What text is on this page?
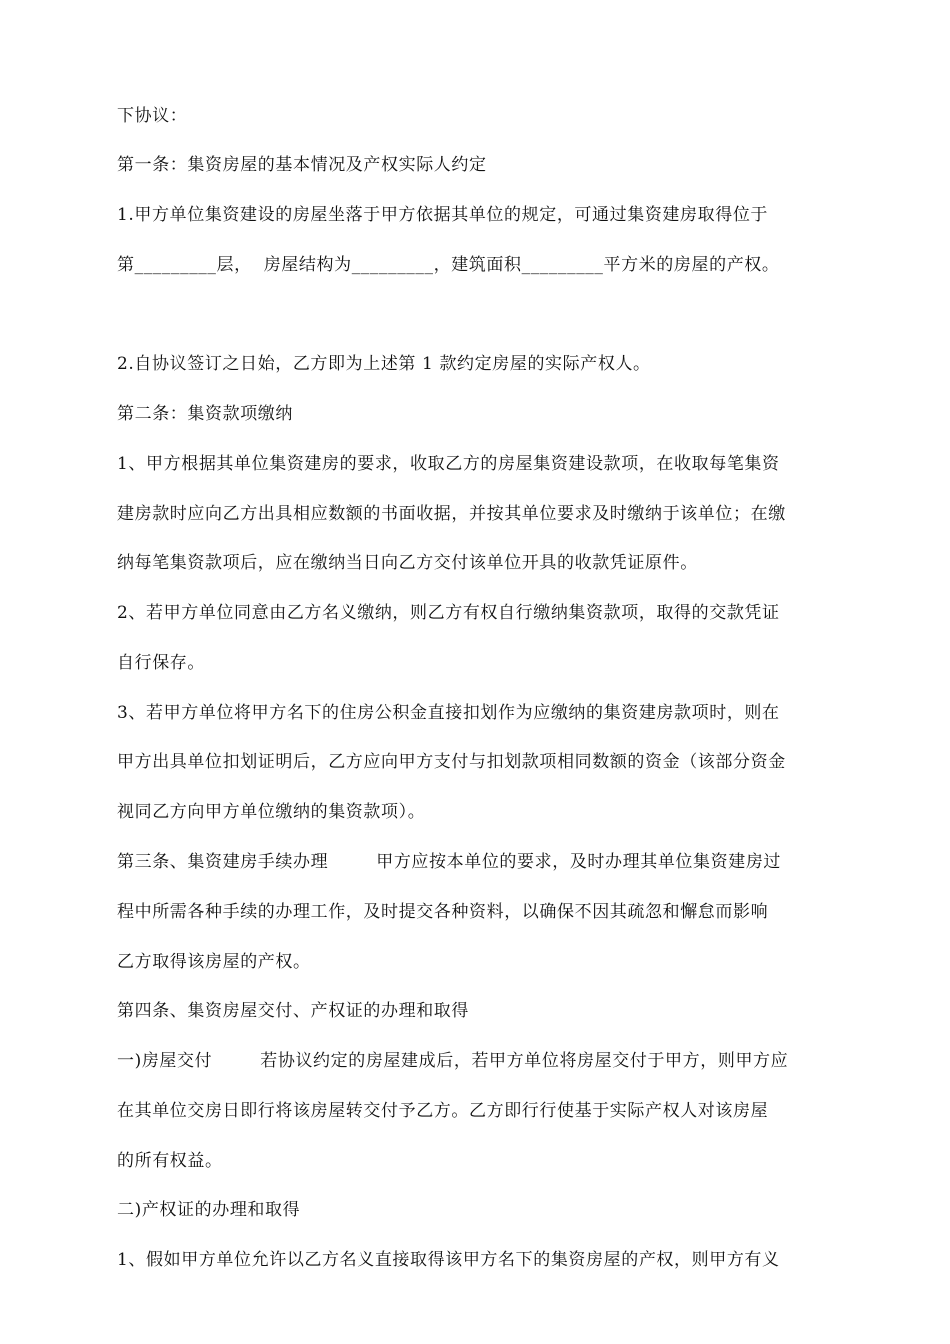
下协议：
第一条：集资房屋的基本情况及产权实际人约定
1.甲方单位集资建设的房屋坐落于甲方依据其单位的规定，可通过集资建房取得位于
第_________层，  房屋结构为_________，建筑面积_________平方米的房屋的产权。
2.自协议签订之日始，乙方即为上述第 1 款约定房屋的实际产权人。
第二条：集资款项缴纳
1、甲方根据其单位集资建房的要求，收取乙方的房屋集资建设款项，在收取每笔集资
建房款时应向乙方出具相应数额的书面收据，并按其单位要求及时缴纳于该单位；在缴
纳每笔集资款项后，应在缴纳当日向乙方交付该单位开具的收款凭证原件。
2、若甲方单位同意由乙方名义缴纳，则乙方有权自行缴纳集资款项，取得的交款凭证
自行保存。
3、若甲方单位将甲方名下的住房公积金直接扣划作为应缴纳的集资建房款项时，则在
甲方出具单位扣划证明后，乙方应向甲方支付与扣划款项相同数额的资金（该部分资金
视同乙方向甲方单位缴纳的集资款项）。
第三条、集资建房手续办理        甲方应按本单位的要求，及时办理其单位集资建房过
程中所需各种手续的办理工作，及时提交各种资料，以确保不因其疏忽和懈怠而影响
乙方取得该房屋的产权。
第四条、集资房屋交付、产权证的办理和取得
一)房屋交付        若协议约定的房屋建成后，若甲方单位将房屋交付于甲方，则甲方应
在其单位交房日即行将该房屋转交付予乙方。乙方即行行使基于实际产权人对该房屋
的所有权益。
二)产权证的办理和取得
1、假如甲方单位允许以乙方名义直接取得该甲方名下的集资房屋的产权，则甲方有义
